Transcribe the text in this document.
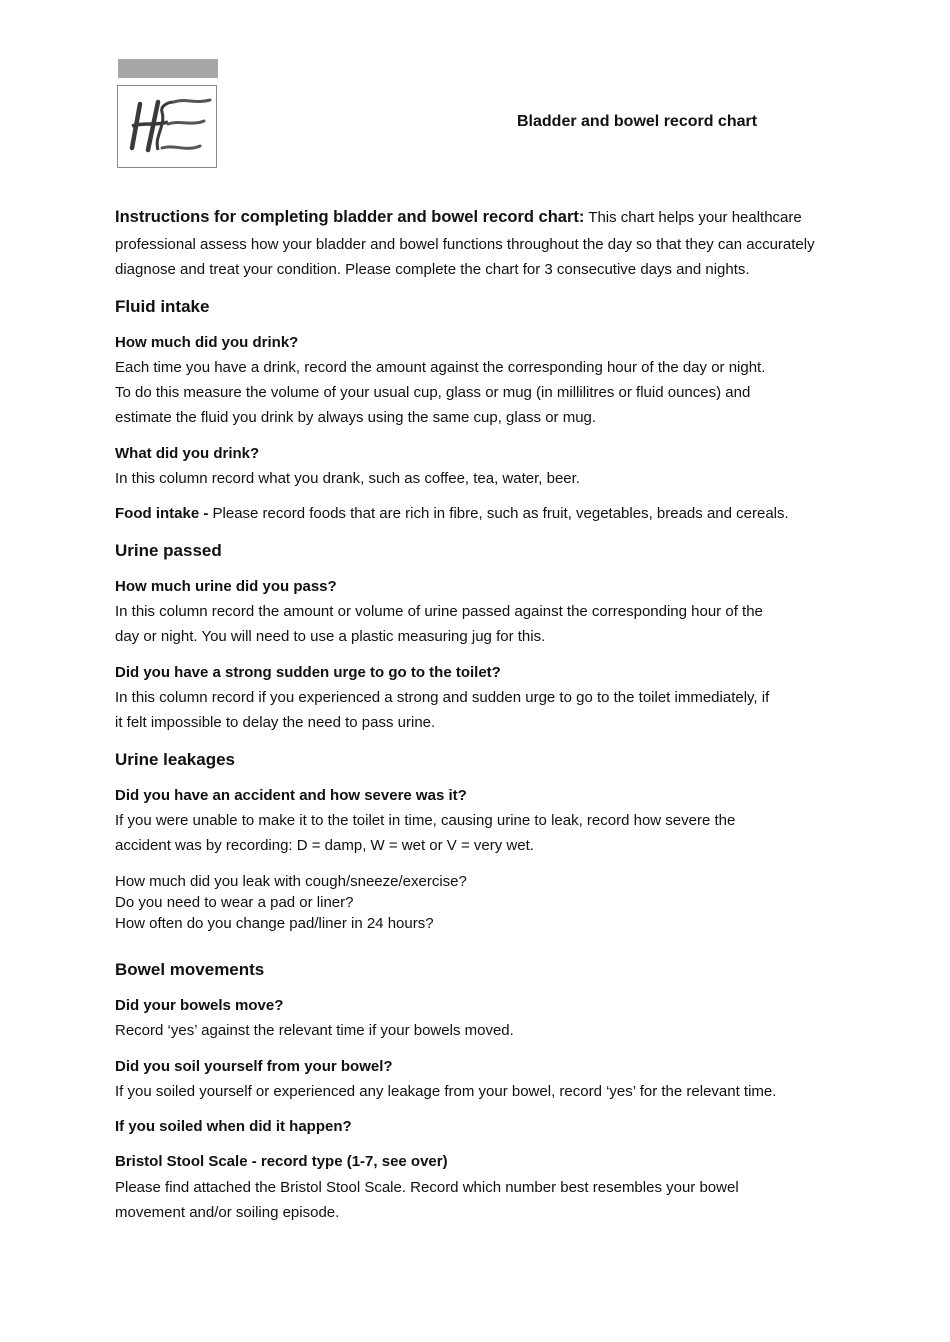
Bladder and bowel record chart
Instructions for completing bladder and bowel record chart: This chart helps your healthcare
professional assess how your bladder and bowel functions throughout the day so that they can accurately
diagnose and treat your condition. Please complete the chart for 3 consecutive days and nights.
Fluid intake
How much did you drink?
Each time you have a drink, record the amount against the corresponding hour of the day or night.
To do this measure the volume of your usual cup, glass or mug (in millilitres or fluid ounces) and
estimate the fluid you drink by always using the same cup, glass or mug.
What did you drink?
In this column record what you drank, such as coffee, tea, water, beer.
Food intake - Please record foods that are rich in fibre, such as fruit, vegetables, breads and cereals.
Urine passed
How much urine did you pass?
In this column record the amount or volume of urine passed against the corresponding hour of the
day or night. You will need to use a plastic measuring jug for this.
Did you have a strong sudden urge to go to the toilet?
In this column record if you experienced a strong and sudden urge to go to the toilet immediately, if
it felt impossible to delay the need to pass urine.
Urine leakages
Did you have an accident and how severe was it?
If you were unable to make it to the toilet in time, causing urine to leak, record how severe the
accident was by recording: D = damp, W = wet or V = very wet.
How much did you leak with cough/sneeze/exercise?
Do you need to wear a pad or liner?
How often do you change pad/liner in 24 hours?
Bowel movements
Did your bowels move?
Record ‘yes’ against the relevant time if your bowels moved.
Did you soil yourself from your bowel?
If you soiled yourself or experienced any leakage from your bowel, record ‘yes’ for the relevant time.
If you soiled when did it happen?
Bristol Stool Scale - record type (1-7, see over)
Please find attached the Bristol Stool Scale. Record which number best resembles your bowel
movement and/or soiling episode.
